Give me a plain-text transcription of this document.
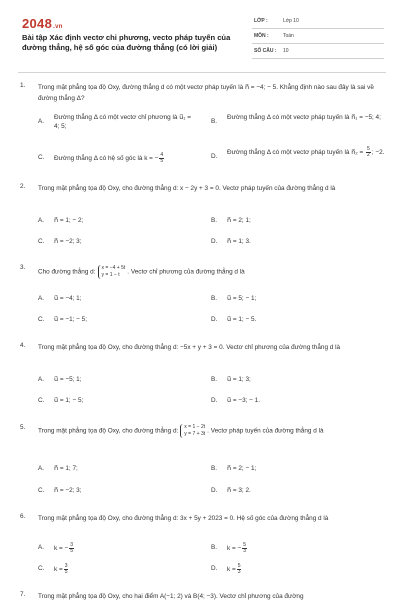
2048.vn
Bài tập Xác định vectơ chỉ phương, vecto pháp tuyến của đường thẳng, hệ số góc của đường thẳng (có lời giải)
LỚP :	Lớp 10
MÔN :	Toán
SỐ CÂU : 10
1. Trong mặt phẳng tọa độ Oxy, đường thẳng d có một vectơ pháp tuyến là n⃗ = −4; − 5. Khẳng định nào sau đây là sai về đường thẳng Δ?
A.
Đường thẳng Δ có một vectơ chỉ phương là u⃗₁ = 4; 5;
B.
Đường thẳng Δ có một vectơ pháp tuyến là n⃗₁ = −5; 4;
C. Đường thẳng Δ có hệ số góc là k = − $\frac{4}{5}$	D.
Đường thẳng Δ có một vectơ pháp tuyến là n⃗₂ = $\frac{5}{2}$ ; −2.
2. Trong mặt phẳng tọa độ Oxy, cho đường thẳng d: x − 2y + 3 = 0. Vectơ pháp tuyến của đường thẳng d là
A. n⃗ = 1; − 2;	B. n⃗ = 2; 1;
C. n⃗ = −2; 3;	D. n⃗ = 1; 3.
3.
Cho đường thẳng d:
x = −4 + 5t
y = 1 − t	. Vectơ chỉ phương của đường thẳng d là
A. u⃗ = −4; 1;	B. u⃗ = 5; − 1;
C. u⃗ = −1; − 5;	D. u⃗ = 1; − 5.
4. Trong mặt phẳng tọa độ Oxy, cho đường thẳng d: −5x + y + 3 = 0. Vectơ chỉ phương của đường thẳng d là
A. u⃗ = −5; 1;	B. u⃗ = 1; 3;
C. u⃗ = 1; − 5;	D. u⃗ = −3; − 1.
5.
Trong mặt phẳng tọa độ Oxy, cho đường thẳng d:
x = 1 − 2t
y = 7 + 3t . Vectơ pháp tuyến của đường thẳng d là
A. n⃗ = 1; 7;	B. n⃗ = 2; − 1;
C. n⃗ = −2; 3;	D. n⃗ = 3; 2.
6. Trong mặt phẳng tọa độ Oxy, cho đường thẳng d: 3x + 5y + 2023 = 0. Hệ số góc của đường thẳng d là
A. k = − $\frac{3}{5}$	B. k = − $\frac{5}{3}$
C. $k = \frac{3}{5}$	D. $k = \frac{5}{3}$
7. Trong mặt phẳng tọa độ Oxy, cho hai điểm A(−1; 2) và B(4; −3). Vectơ chỉ phương của đường
